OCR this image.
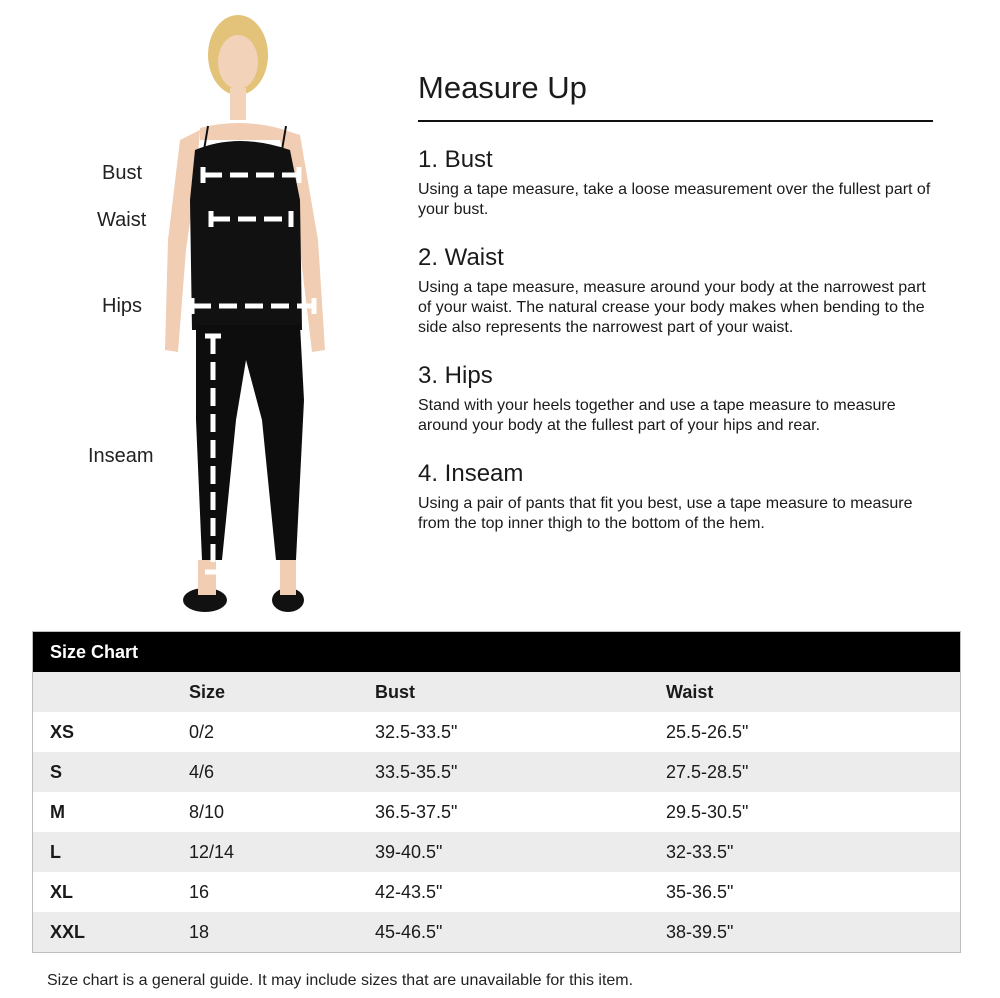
Bust
Waist
Hips
Inseam
Measure Up
1. Bust

Using a tape measure, take a loose measurement over the fullest part of your bust.

2. Waist

Using a tape measure, measure around your body at the narrowest part of your waist. The natural crease your body makes when bending to the side also represents the narrowest part of your waist.

3. Hips

Stand with your heels together and use a tape measure to measure around your body at the fullest part of your hips and rear.

4. Inseam

Using a pair of pants that fit you best, use a tape measure to measure from the top inner thigh to the bottom of the hem.

Size Chart
	Size	Bust	Waist
XS	0/2	32.5-33.5"	25.5-26.5"
S	4/6	33.5-35.5"	27.5-28.5"
M	8/10	36.5-37.5"	29.5-30.5"
L	12/14	39-40.5"	32-33.5"
XL	16	42-43.5"	35-36.5"
XXL	18	45-46.5"	38-39.5"
Size chart is a general guide. It may include sizes that are unavailable for this item.
